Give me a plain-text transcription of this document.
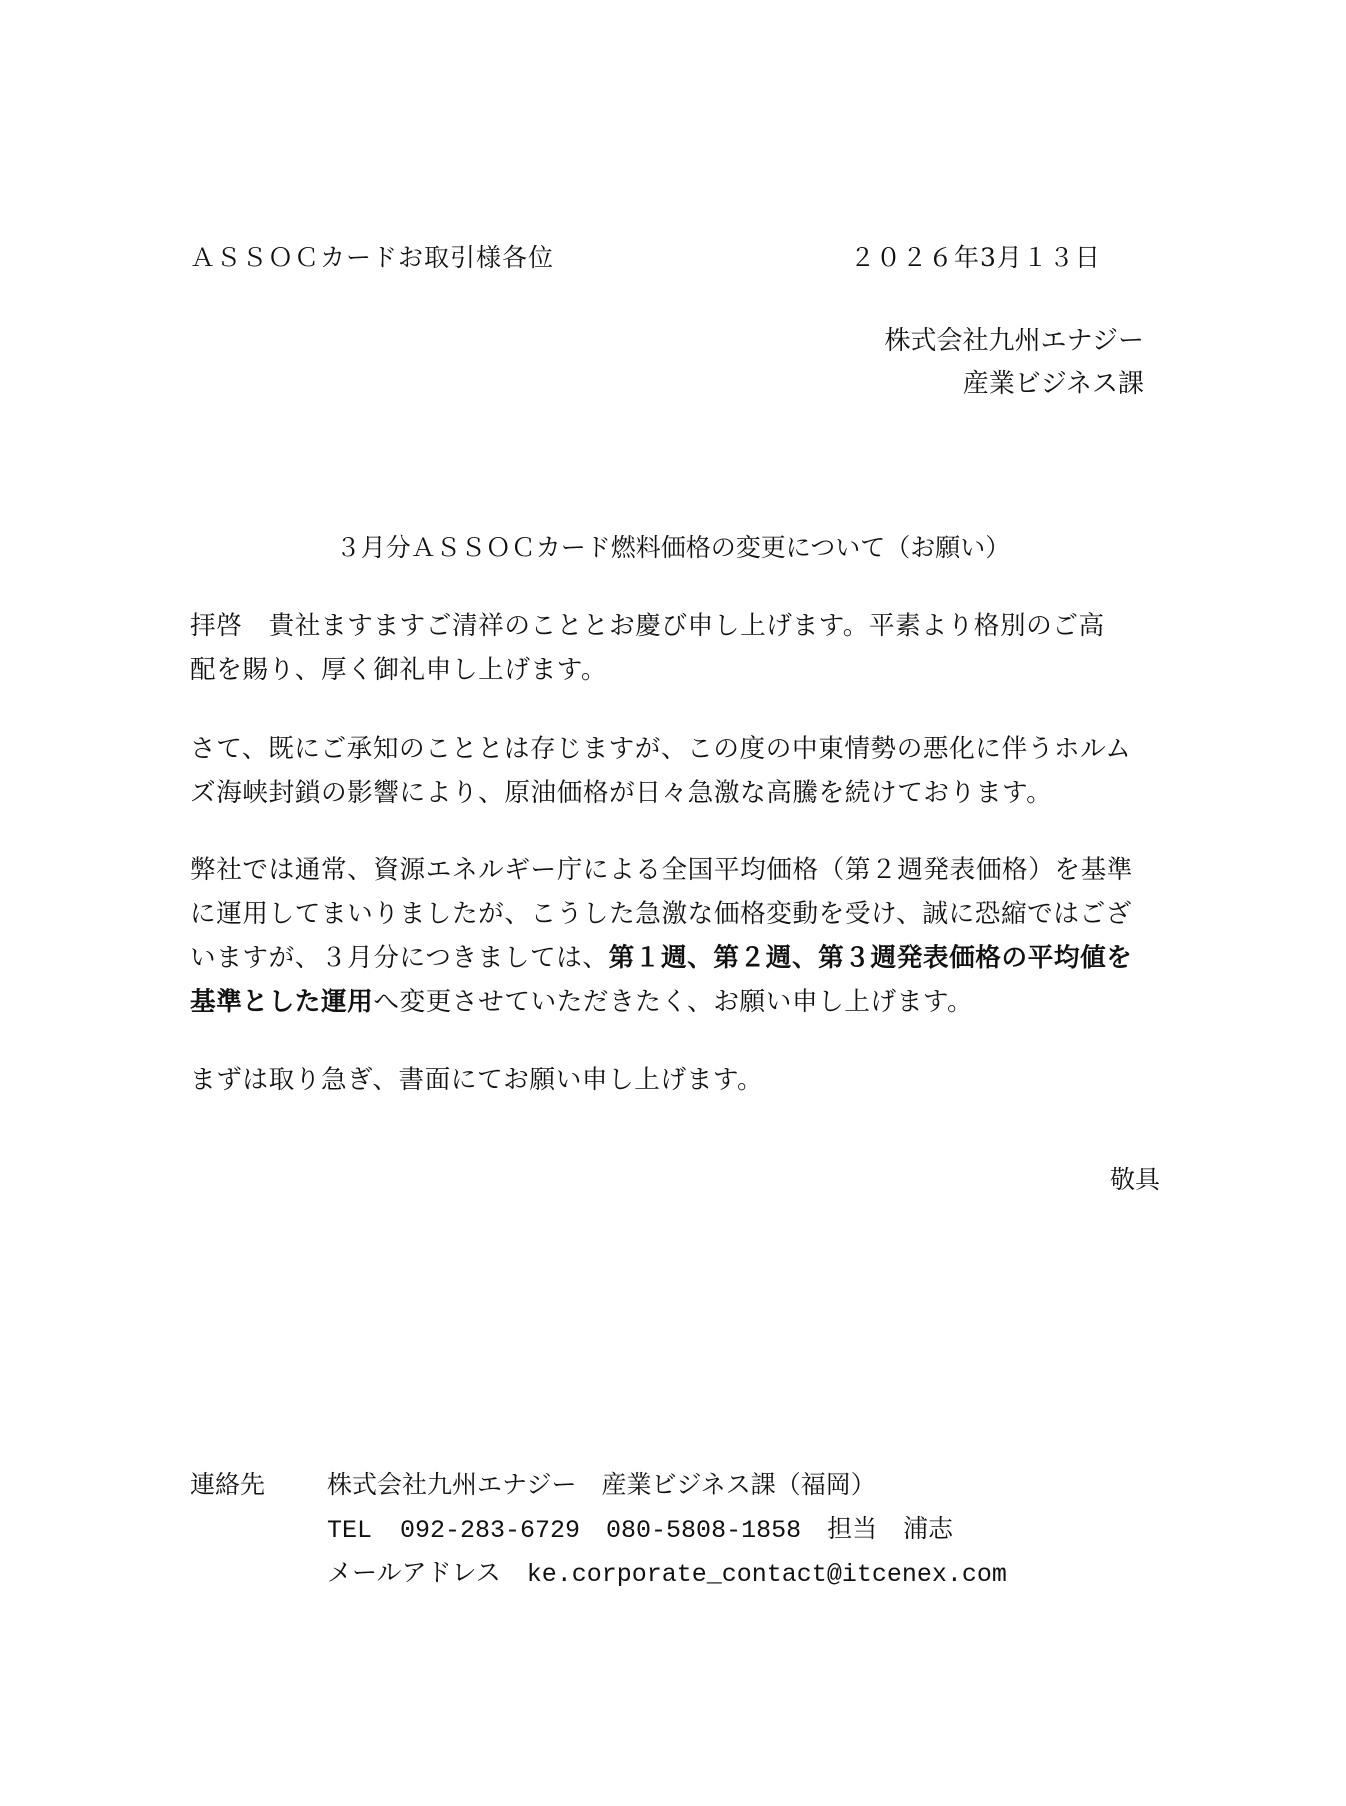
ＡＳＳＯＣカードお取引様各位	２０２６年3月１３日
株式会社九州エナジー
産業ビジネス課
３月分ＡＳＳＯＣカード燃料価格の変更について（お願い）
拝啓　貴社ますますご清祥のこととお慶び申し上げます。平素より格別のご高
配を賜り、厚く御礼申し上げます。
さて、既にご承知のこととは存じますが、この度の中東情勢の悪化に伴うホルム
ズ海峡封鎖の影響により、原油価格が日々急激な高騰を続けております。
弊社では通常、資源エネルギー庁による全国平均価格（第２週発表価格）を基準
に運用してまいりましたが、こうした急激な価格変動を受け、誠に恐縮ではござ
いますが、３月分につきましては、第１週、第２週、第３週発表価格の平均値を
基準とした運用へ変更させていただきたく、お願い申し上げます。
まずは取り急ぎ、書面にてお願い申し上げます。
敬具
連絡先 株式会社九州エナジー　産業ビジネス課（福岡）
TEL 092-283-6729 080-5808-1858 担当 浦志
メールアドレス ke.corporate_contact@itcenex.com
